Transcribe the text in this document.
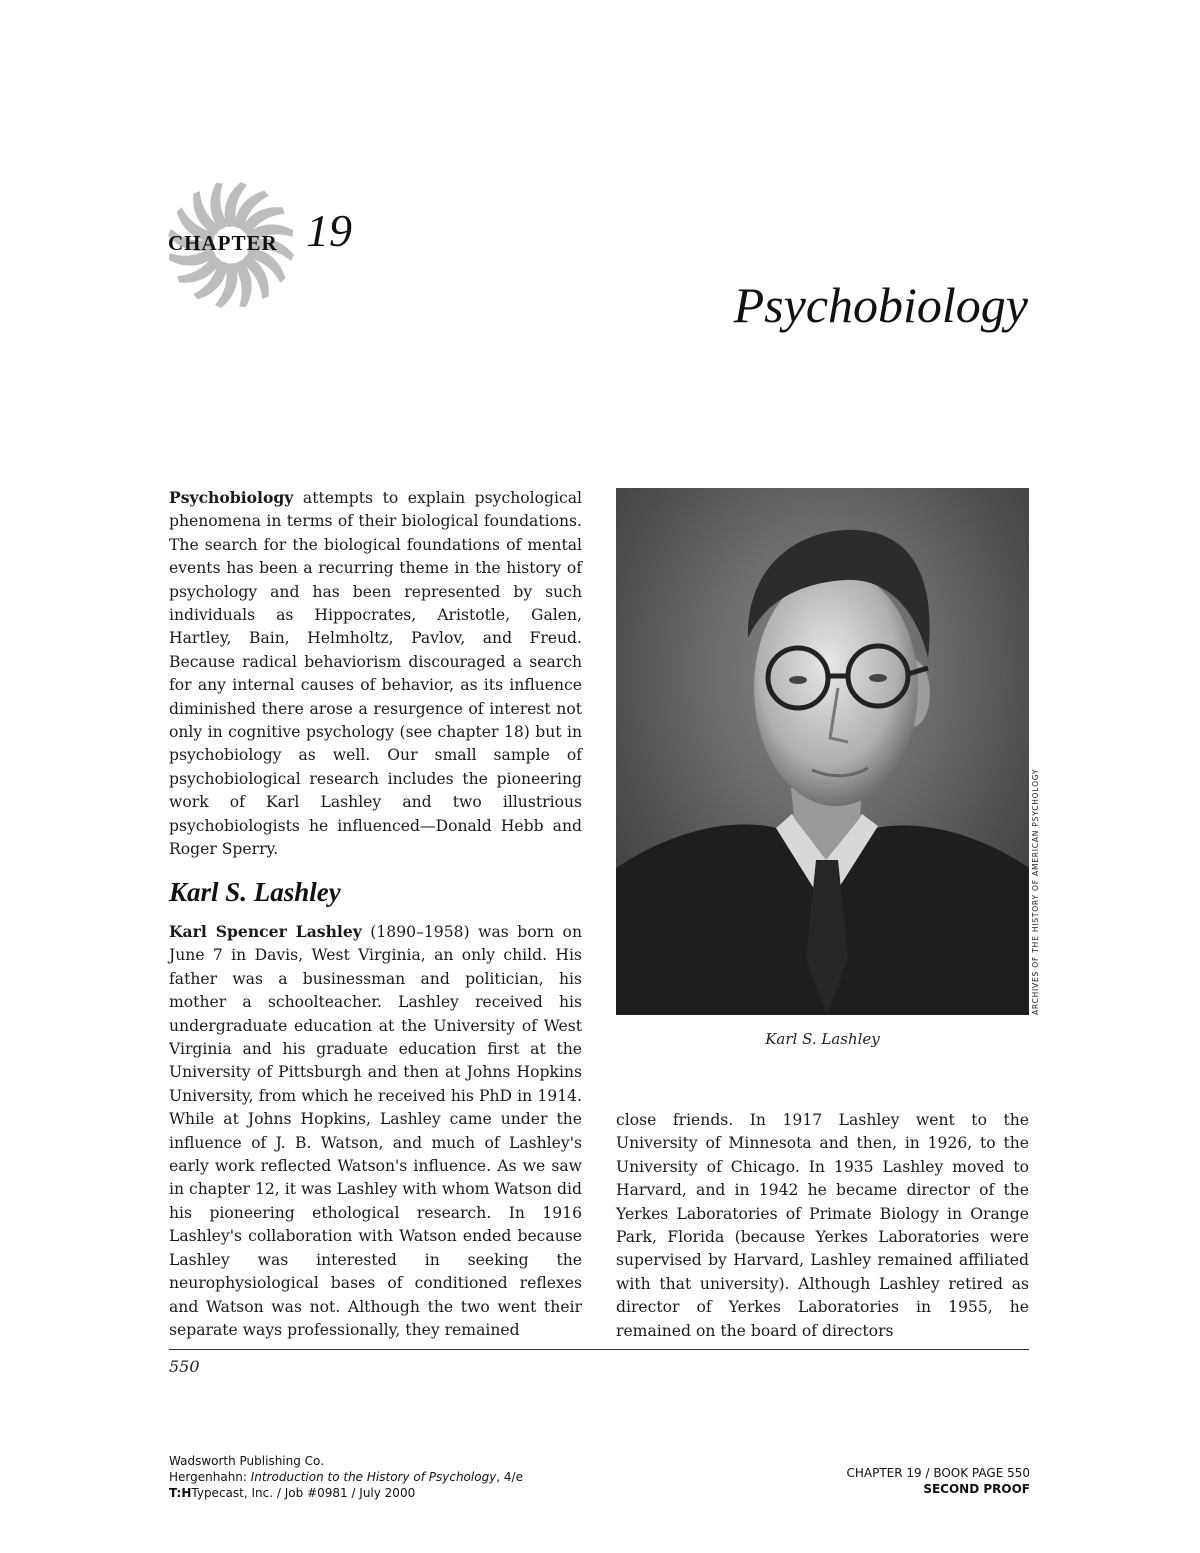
CHAPTER 19
Psychobiology

Psychobiology attempts to explain psychological phenomena in terms of their biological foundations. The search for the biological foundations of mental events has been a recurring theme in the history of psychology and has been represented by such individuals as Hippocrates, Aristotle, Galen, Hartley, Bain, Helmholtz, Pavlov, and Freud. Because radical behaviorism discouraged a search for any internal causes of behavior, as its influence diminished there arose a resurgence of interest not only in cognitive psychology (see chapter 18) but in psychobiology as well. Our small sample of psychobiological research includes the pioneering work of Karl Lashley and two illustrious psychobiologists he influenced—Donald Hebb and Roger Sperry.

Karl S. Lashley

Karl Spencer Lashley (1890–1958) was born on June 7 in Davis, West Virginia, an only child. His father was a businessman and politician, his mother a schoolteacher. Lashley received his undergraduate education at the University of West Virginia and his graduate education first at the University of Pittsburgh and then at Johns Hopkins University, from which he received his PhD in 1914. While at Johns Hopkins, Lashley came under the influence of J. B. Watson, and much of Lashley's early work reflected Watson's influence. As we saw in chapter 12, it was Lashley with whom Watson did his pioneering ethological research. In 1916 Lashley's collaboration with Watson ended because Lashley was interested in seeking the neurophysiological bases of conditioned reflexes and Watson was not. Although the two went their separate ways professionally, they remained

ARCHIVES OF THE HISTORY OF AMERICAN PSYCHOLOGY
Karl S. Lashley

close friends. In 1917 Lashley went to the University of Minnesota and then, in 1926, to the University of Chicago. In 1935 Lashley moved to Harvard, and in 1942 he became director of the Yerkes Laboratories of Primate Biology in Orange Park, Florida (because Yerkes Laboratories were supervised by Harvard, Lashley remained affiliated with that university). Although Lashley retired as director of Yerkes Laboratories in 1955, he remained on the board of directors

550
Wadsworth Publishing Co.
Hergenhahn: Introduction to the History of Psychology, 4/e
T:HTypecast, Inc. / Job #0981 / July 2000
CHAPTER 19 / BOOK PAGE 550
SECOND PROOF
